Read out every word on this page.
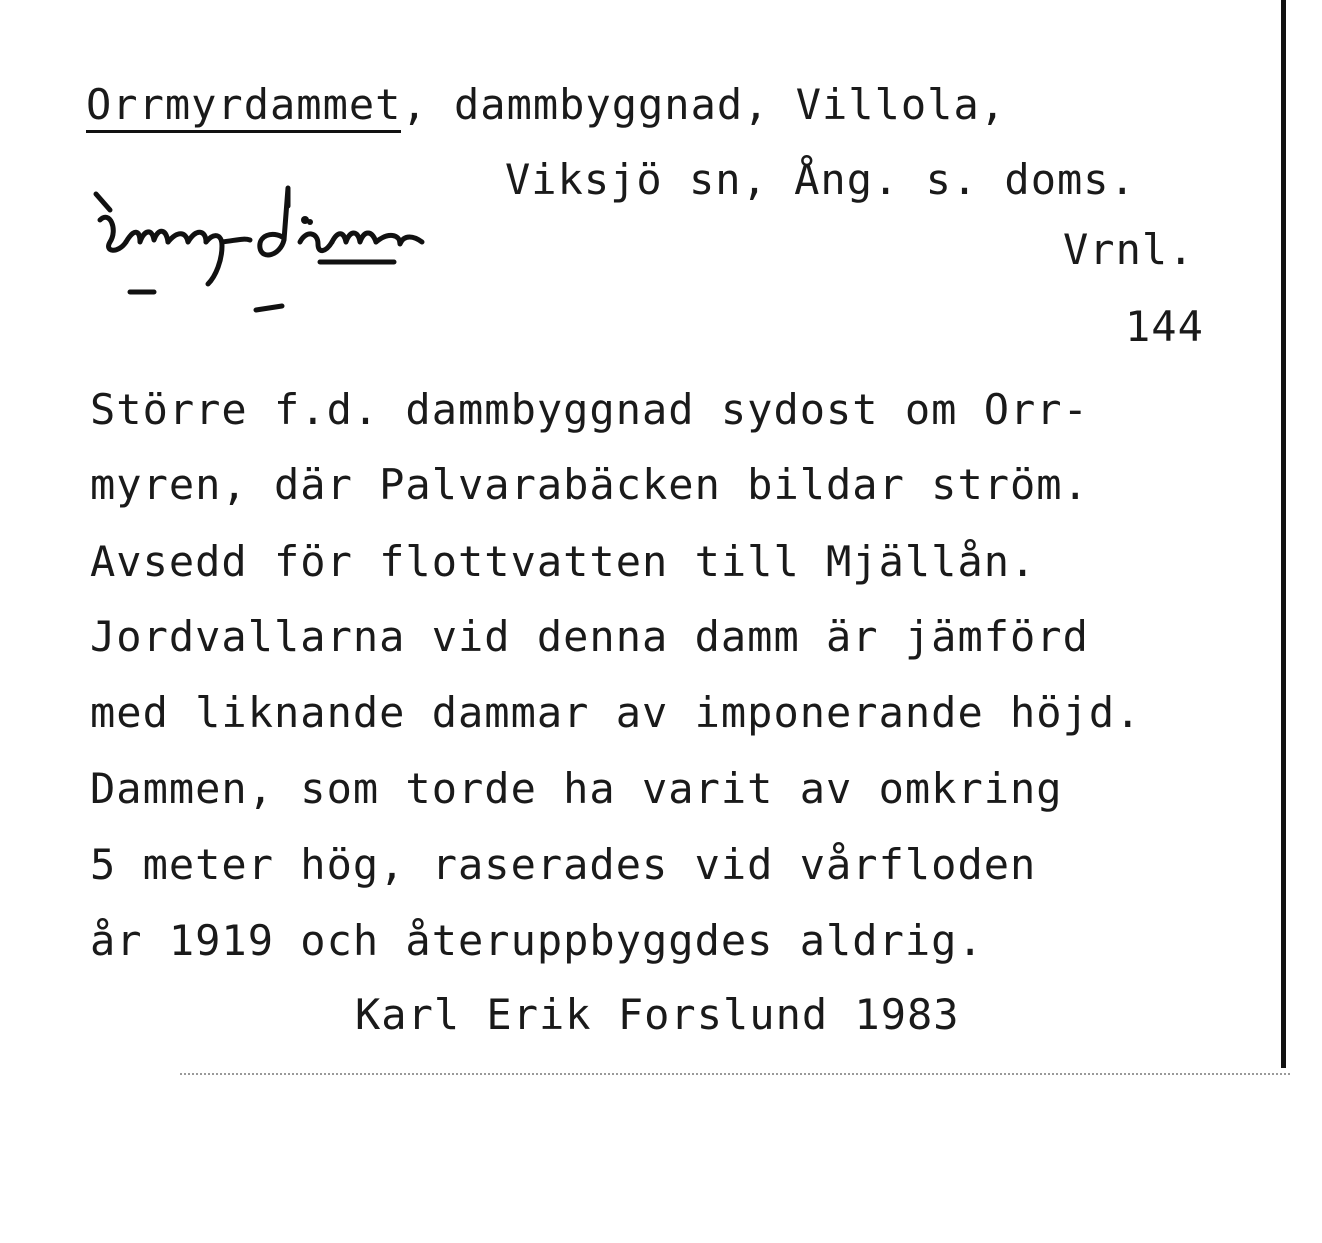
Orrmyrdammet, dammbyggnad, Villola,
Viksjö sn, Ång. s. doms.
Vrnl.
144
Större f.d. dammbyggnad sydost om Orr-
myren, där Palvarabäcken bildar ström.
Avsedd för flottvatten till Mjällån.
Jordvallarna vid denna damm är jämförd
med liknande dammar av imponerande höjd.
Dammen, som torde ha varit av omkring
5 meter hög, raserades vid vårfloden
år 1919 och återuppbyggdes aldrig.
Karl Erik Forslund 1983
